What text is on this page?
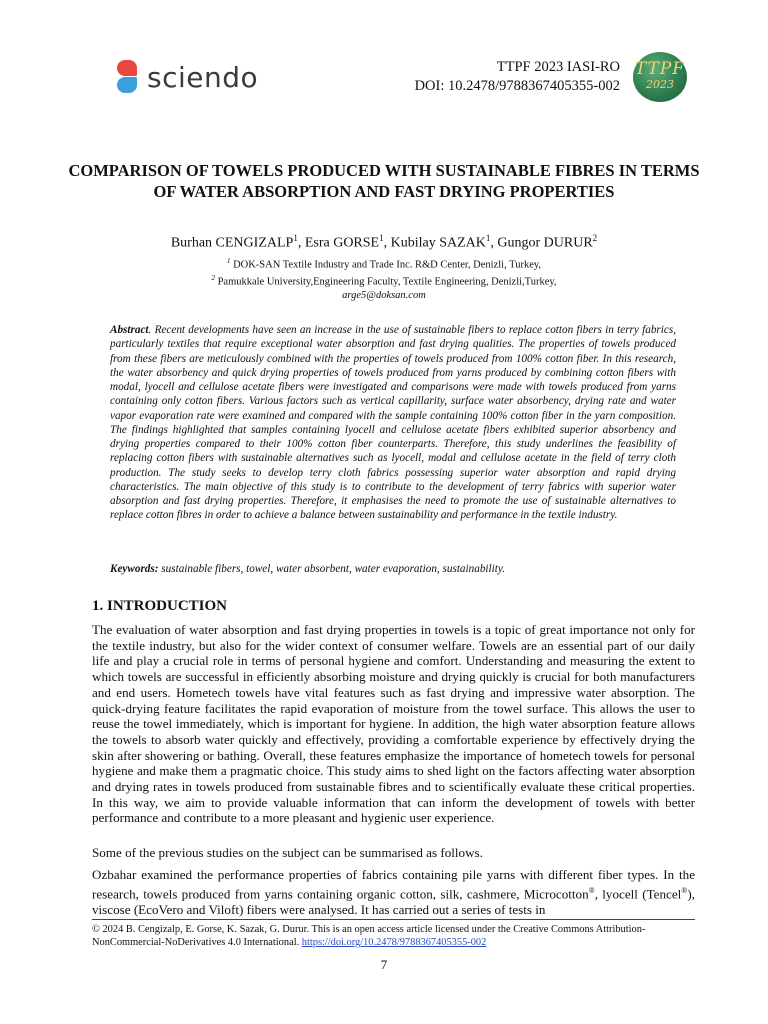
sciendo	TTPF 2023 IASI-RO
DOI: 10.2478/9788367405355-002
TTPF
2023
COMPARISON OF TOWELS PRODUCED WITH SUSTAINABLE FIBRES IN TERMS OF WATER ABSORPTION AND FAST DRYING PROPERTIES
Burhan CENGIZALP$^1$, Esra GORSE$^1$, Kubilay SAZAK$^1$, Gungor DURUR$^2$
$^1$ DOK-SAN Textile Industry and Trade Inc. R&D Center, Denizli, Turkey,
$^2$ Pamukkale University,Engineering Faculty, Textile Engineering, Denizli,Turkey,
arge5@doksan.com

Abstract. Recent developments have seen an increase in the use of sustainable fibers to replace cotton fibers in terry fabrics, particularly textiles that require exceptional water absorption and fast drying qualities. The properties of towels produced from these fibers are meticulously combined with the properties of towels produced from 100% cotton fiber. In this research, the water absorbency and quick drying properties of towels produced from yarns produced by combining cotton fibers with modal, lyocell and cellulose acetate fibers were investigated and comparisons were made with towels produced from yarns containing only cotton fibers. Various factors such as vertical capillarity, surface water absorbency, drying rate and water vapor evaporation rate were examined and compared with the sample containing 100% cotton fiber in the yarn composition. The findings highlighted that samples containing lyocell and cellulose acetate fibers exhibited superior absorbency and drying properties compared to their 100% cotton fiber counterparts. Therefore, this study underlines the feasibility of replacing cotton fibers with sustainable alternatives such as lyocell, modal and cellulose acetate in the field of terry cloth production. The study seeks to develop terry cloth fabrics possessing superior water absorption and rapid drying characteristics. The main objective of this study is to contribute to the development of terry fabrics with superior water absorption and fast drying properties. Therefore, it emphasises the need to promote the use of sustainable alternatives to replace cotton fibres in order to achieve a balance between sustainability and performance in the textile industry.

Keywords: sustainable fibers, towel, water absorbent, water evaporation, sustainability.

1. INTRODUCTION

The evaluation of water absorption and fast drying properties in towels is a topic of great importance not only for the textile industry, but also for the wider context of consumer welfare. Towels are an essential part of our daily life and play a crucial role in terms of personal hygiene and comfort. Understanding and measuring the extent to which towels are successful in efficiently absorbing moisture and drying quickly is crucial for both manufacturers and end users. Hometech towels have vital features such as fast drying and impressive water absorption. The quick-drying feature facilitates the rapid evaporation of moisture from the towel surface. This allows the user to reuse the towel immediately, which is important for hygiene. In addition, the high water absorption feature allows the towels to absorb water quickly and effectively, providing a comfortable experience by effectively drying the skin after showering or bathing. Overall, these features emphasize the importance of hometech towels for personal hygiene and make them a pragmatic choice. This study aims to shed light on the factors affecting water absorption and drying rates in towels produced from sustainable fibres and to scientifically evaluate these critical properties. In this way, we aim to provide valuable information that can inform the development of towels with better performance and contribute to a more pleasant and hygienic user experience.

Some of the previous studies on the subject can be summarised as follows.

Ozbahar examined the performance properties of fabrics containing pile yarns with different fiber types. In the research, towels produced from yarns containing organic cotton, silk, cashmere, Microcotton®, lyocell (Tencel®), viscose (EcoVero and Viloft) fibers were analysed. It has carried out a series of tests in

© 2024 B. Cengizalp, E. Gorse, K. Sazak, G. Durur. This is an open access article licensed under the Creative Commons Attribution-NonCommercial-NoDerivatives 4.0 International. https://doi.org/10.2478/9788367405355-002

7
